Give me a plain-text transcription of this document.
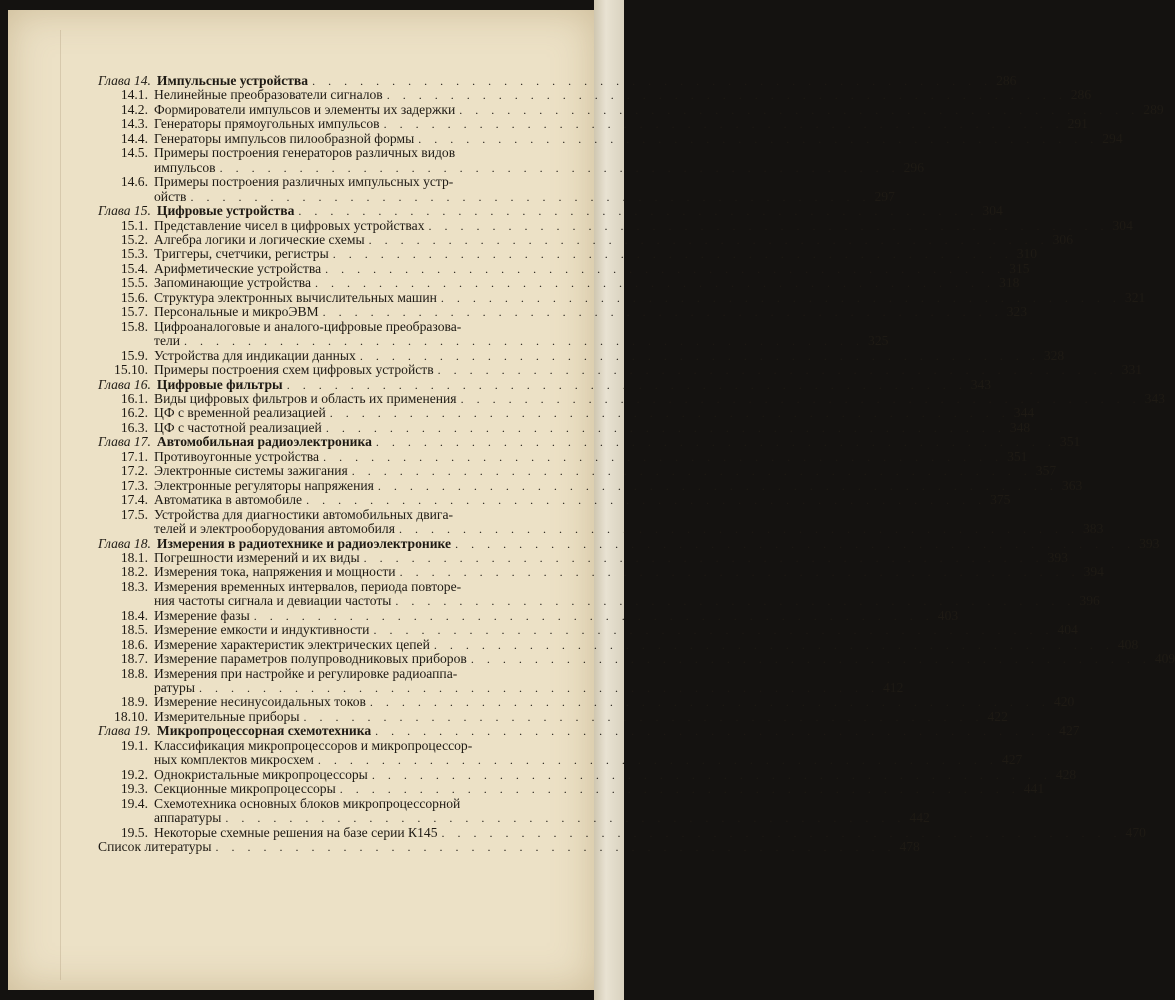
Глава 14. Импульсные устройства . . . . . . . . . . . . . . . . . . . . . . . . . . . . . . . . . . . . . . . . . . . 286
14.1. Нелинейные преобразователи сигналов . . . . . . . . . . . . . . . . . . . . . . . . . . . . . . . . . . . . . . . . . . . 286
14.2. Формирователи импульсов и элементы их задержки . . . . . . . . . . . . . . . . . . . . . . . . . . . . . . . . . . . . . . . . . . . 289
14.3. Генераторы прямоугольных импульсов . . . . . . . . . . . . . . . . . . . . . . . . . . . . . . . . . . . . . . . . . . . 291
14.4. Генераторы импульсов пилообразной формы . . . . . . . . . . . . . . . . . . . . . . . . . . . . . . . . . . . . . . . . . . . 294
14.5. Примеры построения генераторов различных видов
импульсов . . . . . . . . . . . . . . . . . . . . . . . . . . . . . . . . . . . . . . . . . . . 296
14.6. Примеры построения различных импульсных устр-
ойств . . . . . . . . . . . . . . . . . . . . . . . . . . . . . . . . . . . . . . . . . . . 297
Глава 15. Цифровые устройства . . . . . . . . . . . . . . . . . . . . . . . . . . . . . . . . . . . . . . . . . . . 304
15.1. Представление чисел в цифровых устройствах . . . . . . . . . . . . . . . . . . . . . . . . . . . . . . . . . . . . . . . . . . . 304
15.2. Алгебра логики и логические схемы . . . . . . . . . . . . . . . . . . . . . . . . . . . . . . . . . . . . . . . . . . . 306
15.3. Триггеры, счетчики, регистры . . . . . . . . . . . . . . . . . . . . . . . . . . . . . . . . . . . . . . . . . . . 310
15.4. Арифметические устройства . . . . . . . . . . . . . . . . . . . . . . . . . . . . . . . . . . . . . . . . . . . 315
15.5. Запоминающие устройства . . . . . . . . . . . . . . . . . . . . . . . . . . . . . . . . . . . . . . . . . . . 318
15.6. Структура электронных вычислительных машин . . . . . . . . . . . . . . . . . . . . . . . . . . . . . . . . . . . . . . . . . . . 321
15.7. Персональные и микроЭВМ . . . . . . . . . . . . . . . . . . . . . . . . . . . . . . . . . . . . . . . . . . . 323
15.8. Цифроаналоговые и аналого-цифровые преобразова-
тели . . . . . . . . . . . . . . . . . . . . . . . . . . . . . . . . . . . . . . . . . . . 325
15.9. Устройства для индикации данных . . . . . . . . . . . . . . . . . . . . . . . . . . . . . . . . . . . . . . . . . . . 328
15.10. Примеры построения схем цифровых устройств . . . . . . . . . . . . . . . . . . . . . . . . . . . . . . . . . . . . . . . . . . . 331
Глава 16. Цифровые фильтры . . . . . . . . . . . . . . . . . . . . . . . . . . . . . . . . . . . . . . . . . . . 343
16.1. Виды цифровых фильтров и область их применения . . . . . . . . . . . . . . . . . . . . . . . . . . . . . . . . . . . . . . . . . . . 343
16.2. ЦФ с временной реализацией . . . . . . . . . . . . . . . . . . . . . . . . . . . . . . . . . . . . . . . . . . . 344
16.3. ЦФ с частотной реализацией . . . . . . . . . . . . . . . . . . . . . . . . . . . . . . . . . . . . . . . . . . . 348
Глава 17. Автомобильная радиоэлектроника . . . . . . . . . . . . . . . . . . . . . . . . . . . . . . . . . . . . . . . . . . . 351
17.1. Противоугонные устройства . . . . . . . . . . . . . . . . . . . . . . . . . . . . . . . . . . . . . . . . . . . 351
17.2. Электронные системы зажигания . . . . . . . . . . . . . . . . . . . . . . . . . . . . . . . . . . . . . . . . . . . 357
17.3. Электронные регуляторы напряжения . . . . . . . . . . . . . . . . . . . . . . . . . . . . . . . . . . . . . . . . . . . 363
17.4. Автоматика в автомобиле . . . . . . . . . . . . . . . . . . . . . . . . . . . . . . . . . . . . . . . . . . . 375
17.5. Устройства для диагностики автомобильных двига-
телей и электрооборудования автомобиля . . . . . . . . . . . . . . . . . . . . . . . . . . . . . . . . . . . . . . . . . . . 383
Глава 18. Измерения в радиотехнике и радиоэлектронике . . . . . . . . . . . . . . . . . . . . . . . . . . . . . . . . . . . . . . . . . . . 393
18.1. Погрешности измерений и их виды . . . . . . . . . . . . . . . . . . . . . . . . . . . . . . . . . . . . . . . . . . . 393
18.2. Измерения тока, напряжения и мощности . . . . . . . . . . . . . . . . . . . . . . . . . . . . . . . . . . . . . . . . . . . 394
18.3. Измерения временных интервалов, периода повторе-
ния частоты сигнала и девиации частоты . . . . . . . . . . . . . . . . . . . . . . . . . . . . . . . . . . . . . . . . . . . 396
18.4. Измерение фазы . . . . . . . . . . . . . . . . . . . . . . . . . . . . . . . . . . . . . . . . . . . 403
18.5. Измерение емкости и индуктивности . . . . . . . . . . . . . . . . . . . . . . . . . . . . . . . . . . . . . . . . . . . 404
18.6. Измерение характеристик электрических цепей . . . . . . . . . . . . . . . . . . . . . . . . . . . . . . . . . . . . . . . . . . . 408
18.7. Измерение параметров полупроводниковых приборов . . . . . . . . . . . . . . . . . . . . . . . . . . . . . . . . . . . . . . . . . . . 409
18.8. Измерения при настройке и регулировке радиоаппа-
ратуры . . . . . . . . . . . . . . . . . . . . . . . . . . . . . . . . . . . . . . . . . . . 412
18.9. Измерение несинусоидальных токов . . . . . . . . . . . . . . . . . . . . . . . . . . . . . . . . . . . . . . . . . . . 420
18.10. Измерительные приборы . . . . . . . . . . . . . . . . . . . . . . . . . . . . . . . . . . . . . . . . . . . 422
Глава 19. Микропроцессорная схемотехника . . . . . . . . . . . . . . . . . . . . . . . . . . . . . . . . . . . . . . . . . . . 427
19.1. Классификация микропроцессоров и микропроцессор-
ных комплектов микросхем . . . . . . . . . . . . . . . . . . . . . . . . . . . . . . . . . . . . . . . . . . . 427
19.2. Однокристальные микропроцессоры . . . . . . . . . . . . . . . . . . . . . . . . . . . . . . . . . . . . . . . . . . . 428
19.3. Секционные микропроцессоры . . . . . . . . . . . . . . . . . . . . . . . . . . . . . . . . . . . . . . . . . . . 441
19.4. Схемотехника основных блоков микропроцессорной
аппаратуры . . . . . . . . . . . . . . . . . . . . . . . . . . . . . . . . . . . . . . . . . . . 442
19.5. Некоторые схемные решения на базе серии К145 . . . . . . . . . . . . . . . . . . . . . . . . . . . . . . . . . . . . . . . . . . . 470
Список литературы . . . . . . . . . . . . . . . . . . . . . . . . . . . . . . . . . . . . . . . . . . . 478
